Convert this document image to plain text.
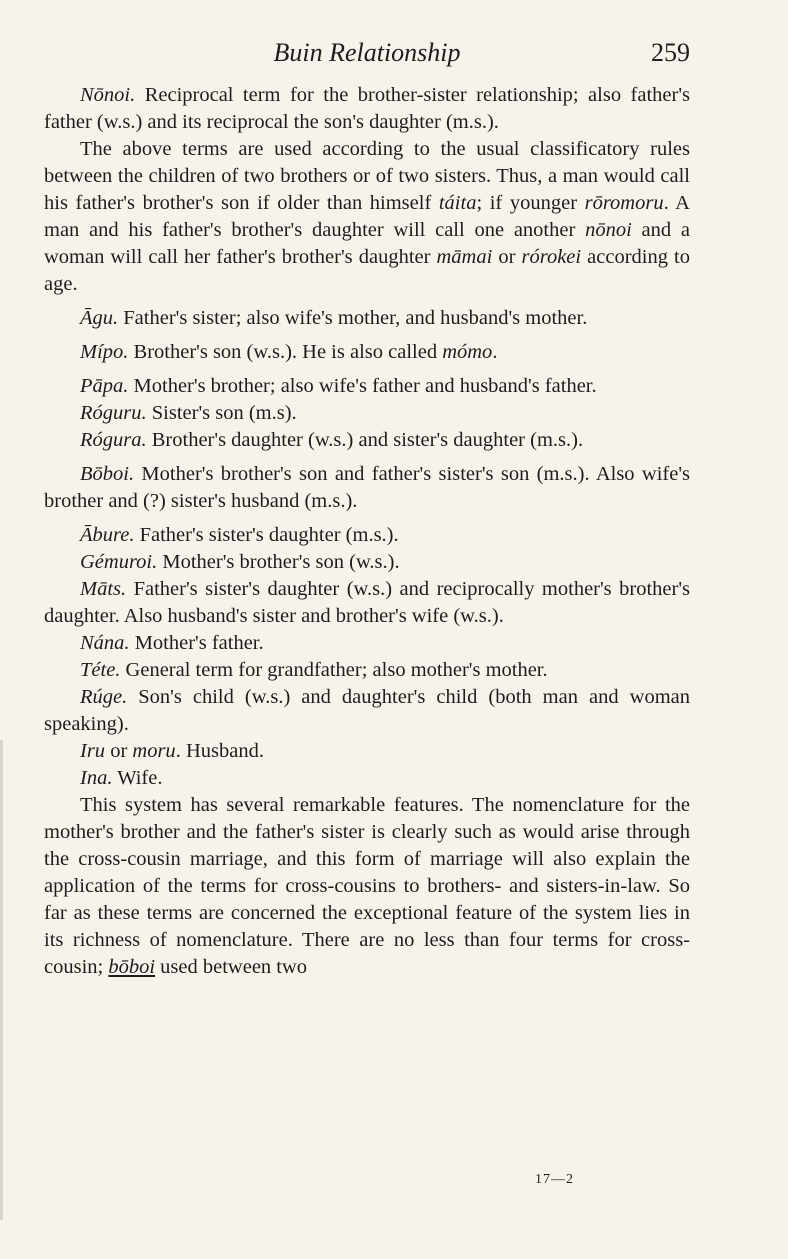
Buin Relationship	259

Nōnoi. Reciprocal term for the brother-sister relationship; also father's father (w.s.) and its reciprocal the son's daughter (m.s.).

The above terms are used according to the usual classificatory rules between the children of two brothers or of two sisters. Thus, a man would call his father's brother's son if older than himself táita; if younger rōromoru. A man and his father's brother's daughter will call one another nōnoi and a woman will call her father's brother's daughter māmai or rórokei according to age.

Āgu. Father's sister; also wife's mother, and husband's mother.

Mípo. Brother's son (w.s.). He is also called mómo.

Pāpa. Mother's brother; also wife's father and husband's father.

Róguru. Sister's son (m.s).

Rógura. Brother's daughter (w.s.) and sister's daughter (m.s.).

Bōboi. Mother's brother's son and father's sister's son (m.s.). Also wife's brother and (?) sister's husband (m.s.).

Ābure. Father's sister's daughter (m.s.).

Gémuroi. Mother's brother's son (w.s.).

Māts. Father's sister's daughter (w.s.) and reciprocally mother's brother's daughter. Also husband's sister and brother's wife (w.s.).

Nána. Mother's father.

Téte. General term for grandfather; also mother's mother.

Rúge. Son's child (w.s.) and daughter's child (both man and woman speaking).

Iru or moru. Husband.

Ina. Wife.

This system has several remarkable features. The nomenclature for the mother's brother and the father's sister is clearly such as would arise through the cross-cousin marriage, and this form of marriage will also explain the application of the terms for cross-cousins to brothers- and sisters-in-law. So far as these terms are concerned the exceptional feature of the system lies in its richness of nomenclature. There are no less than four terms for cross-cousin; bōboi used between two

17—2
